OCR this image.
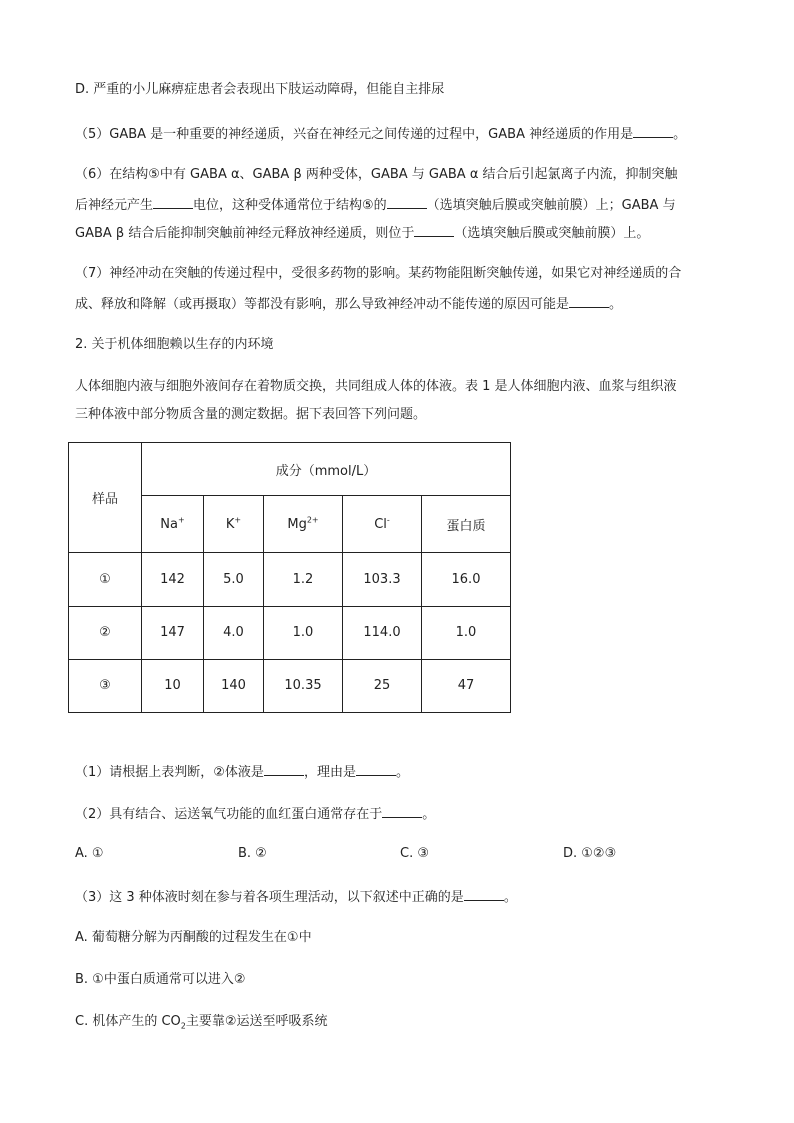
D. 严重的小儿麻痹症患者会表现出下肢运动障碍，但能自主排尿
（5）GABA 是一种重要的神经递质，兴奋在神经元之间传递的过程中，GABA 神经递质的作用是	。
（6）在结构⑤中有 GABA α、GABA β 两种受体，GABA 与 GABA α 结合后引起氯离子内流，抑制突触
后神经元产生	电位，这种受体通常位于结构⑤的	（选填突触后膜或突触前膜）上；GABA 与
GABA β 结合后能抑制突触前神经元释放神经递质，则位于	（选填突触后膜或突触前膜）上。
（7）神经冲动在突触的传递过程中，受很多药物的影响。某药物能阻断突触传递，如果它对神经递质的合
成、释放和降解（或再摄取）等都没有影响，那么导致神经冲动不能传递的原因可能是	。
2. 关于机体细胞赖以生存的内环境
人体细胞内液与细胞外液间存在着物质交换，共同组成人体的体液。表 1 是人体细胞内液、血浆与组织液
三种体液中部分物质含量的测定数据。据下表回答下列问题。
样品	成分（mmol/L）				
	Na+	K+	$Mg^{2+}$	Cl-	蛋白质
①	142	5.0	1.2	103.3	16.0
②	147	4.0	1.0	114.0	1.0
③	10	140	10.35	25	47
（1）请根据上表判断，②体液是	，理由是	。
（2）具有结合、运送氧气功能的血红蛋白通常存在于	。
A. ①	B. ②	C. ③	D. ①②③
（3）这 3 种体液时刻在参与着各项生理活动，以下叙述中正确的是	。
A. 葡萄糖分解为丙酮酸的过程发生在①中
B. ①中蛋白质通常可以进入②
C. 机体产生的 $CO_2$主要靠②运送至呼吸系统
